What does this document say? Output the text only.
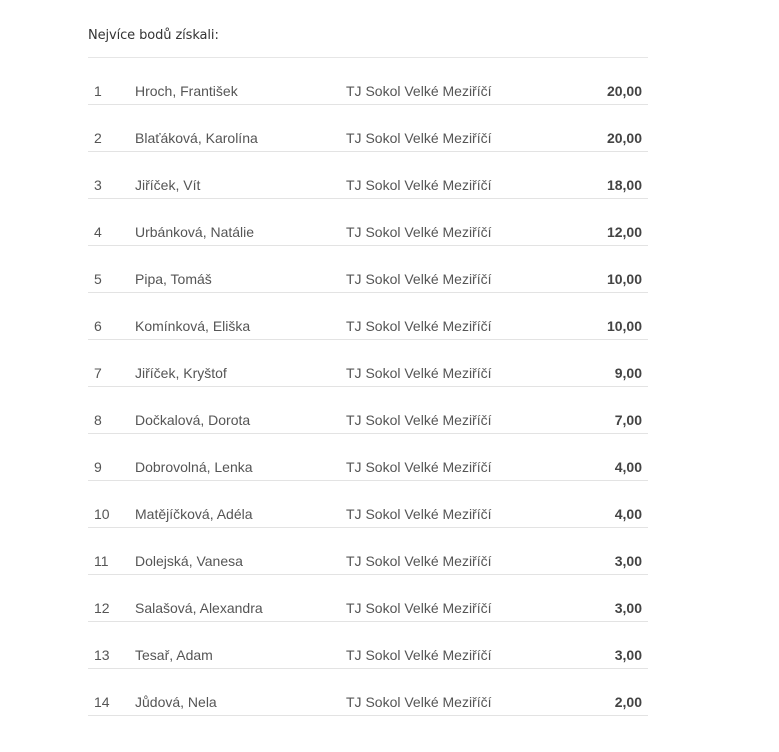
Nejvíce bodů získali:
1 Hroch, František	TJ Sokol Velké Meziříčí	20,00
2 Blaťáková, Karolína	TJ Sokol Velké Meziříčí	20,00
3 Jiříček, Vít	TJ Sokol Velké Meziříčí	18,00
4 Urbánková, Natálie	TJ Sokol Velké Meziříčí	12,00
5 Pipa, Tomáš	TJ Sokol Velké Meziříčí	10,00
6 Komínková, Eliška	TJ Sokol Velké Meziříčí	10,00
7 Jiříček, Kryštof	TJ Sokol Velké Meziříčí	9,00
8 Dočkalová, Dorota	TJ Sokol Velké Meziříčí	7,00
9 Dobrovolná, Lenka	TJ Sokol Velké Meziříčí	4,00
10 Matějíčková, Adéla	TJ Sokol Velké Meziříčí	4,00
11 Dolejská, Vanesa	TJ Sokol Velké Meziříčí	3,00
12 Salašová, Alexandra	TJ Sokol Velké Meziříčí	3,00
13 Tesař, Adam	TJ Sokol Velké Meziříčí	3,00
14 Jůdová, Nela	TJ Sokol Velké Meziříčí	2,00
